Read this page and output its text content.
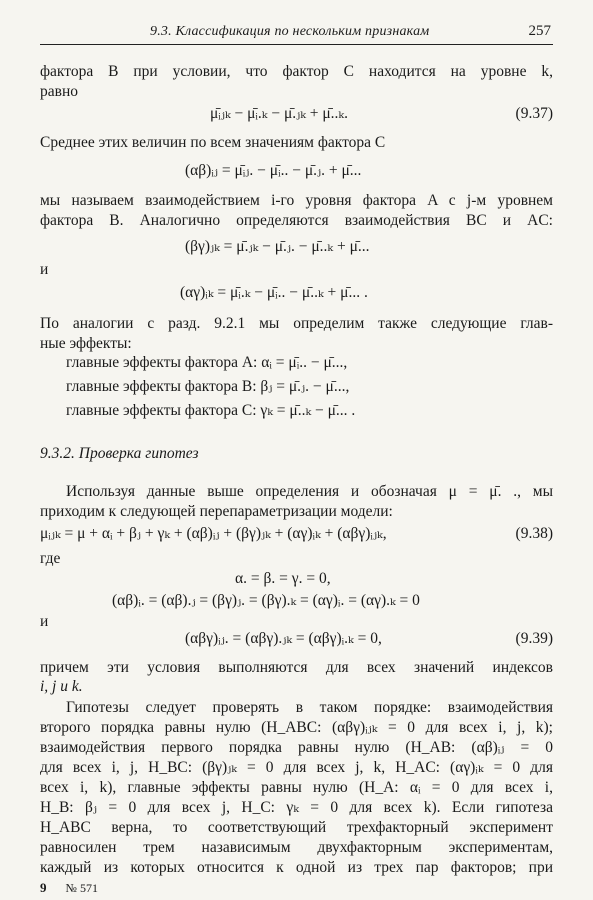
9.3. Классификация по нескольким признакам	257
фактора B при условии, что фактор C находится на уровне k,
равно
μ̄ᵢⱼₖ − μ̄ᵢ.ₖ − μ̄.ⱼₖ + μ̄..ₖ.	(9.37)
Среднее этих величин по всем значениям фактора C
(αβ)ᵢⱼ = μ̄ᵢⱼ. − μ̄ᵢ.. − μ̄.ⱼ. + μ̄...
мы называем взаимодействием i-го уровня фактора A с j-м уровнем
фактора B. Аналогично определяются взаимодействия BC и AC:
(βγ)ⱼₖ = μ̄.ⱼₖ − μ̄.ⱼ. − μ̄..ₖ + μ̄...
и
(αγ)ᵢₖ = μ̄ᵢ.ₖ − μ̄ᵢ.. − μ̄..ₖ + μ̄... .
По аналогии с разд. 9.2.1 мы определим также следующие глав-
ные эффекты:
главные эффекты фактора A: αᵢ = μ̄ᵢ.. − μ̄...,
главные эффекты фактора B: βⱼ = μ̄.ⱼ. − μ̄...,
главные эффекты фактора C: γₖ = μ̄..ₖ − μ̄... .
9.3.2. Проверка гипотез
Используя данные выше определения и обозначая μ = μ̄. ., мы
приходим к следующей перепараметризации модели:
μᵢⱼₖ = μ + αᵢ + βⱼ + γₖ + (αβ)ᵢⱼ + (βγ)ⱼₖ + (αγ)ᵢₖ + (αβγ)ᵢⱼₖ,	(9.38)
где
α. = β. = γ. = 0,
(αβ)ᵢ. = (αβ).ⱼ = (βγ)ⱼ. = (βγ).ₖ = (αγ)ᵢ. = (αγ).ₖ = 0
и
(αβγ)ᵢⱼ. = (αβγ).ⱼₖ = (αβγ)ᵢ.ₖ = 0,	(9.39)
причем эти условия выполняются для всех значений индексов
i, j и k.
Гипотезы следует проверять в таком порядке: взаимодействия
второго порядка равны нулю (H_ABC: (αβγ)ᵢⱼₖ = 0 для всех i, j, k);
взаимодействия первого порядка равны нулю (H_AB: (αβ)ᵢⱼ = 0
для всех i, j, H_BC: (βγ)ⱼₖ = 0 для всех j, k, H_AC: (αγ)ᵢₖ = 0 для
всех i, k), главные эффекты равны нулю (H_A: αᵢ = 0 для всех i,
H_B: βⱼ = 0 для всех j, H_C: γₖ = 0 для всех k). Если гипотеза
H_ABC верна, то соответствующий трехфакторный эксперимент
равносилен трем назависимым двухфакторным экспериментам,
каждый из которых относится к одной из трех пар факторов; при
9 № 571
